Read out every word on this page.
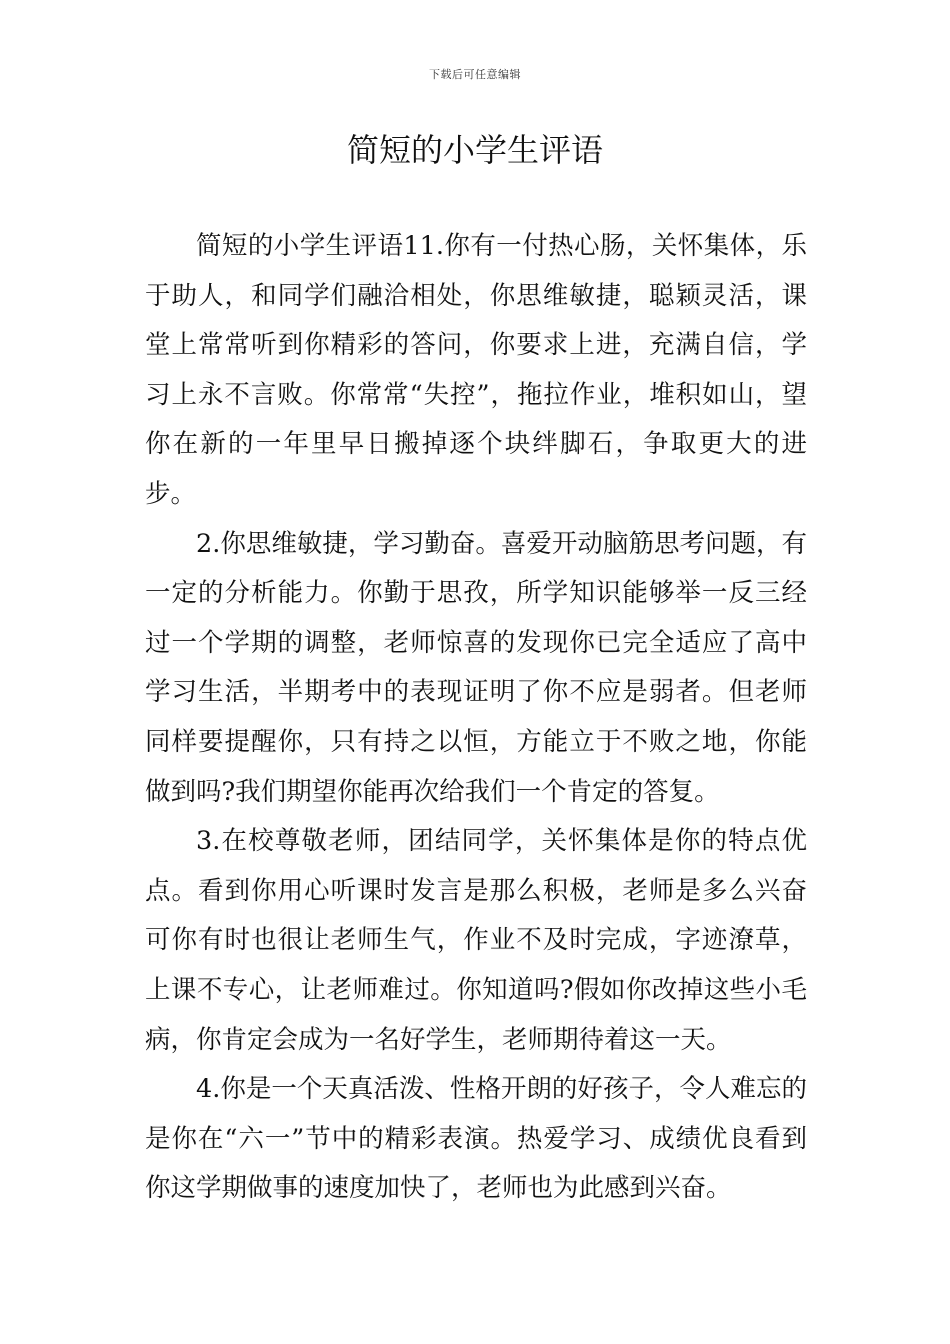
下载后可任意编辑
简短的小学生评语

简短的小学生评语11.你有一付热心肠，关怀集体，乐于助人，和同学们融洽相处，你思维敏捷，聪颖灵活，课堂上常常听到你精彩的答问，你要求上进，充满自信，学习上永不言败。你常常“失控”，拖拉作业，堆积如山，望你在新的一年里早日搬掉逐个块绊脚石，争取更大的进步。

2.你思维敏捷，学习勤奋。喜爱开动脑筋思考问题，有一定的分析能力。你勤于思孜，所学知识能够举一反三经过一个学期的调整，老师惊喜的发现你已完全适应了高中学习生活，半期考中的表现证明了你不应是弱者。但老师同样要提醒你，只有持之以恒，方能立于不败之地，你能做到吗?我们期望你能再次给我们一个肯定的答复。

3.在校尊敬老师，团结同学，关怀集体是你的特点优点。看到你用心听课时发言是那么积极，老师是多么兴奋可你有时也很让老师生气，作业不及时完成，字迹潦草，上课不专心，让老师难过。你知道吗?假如你改掉这些小毛病，你肯定会成为一名好学生，老师期待着这一天。

4.你是一个天真活泼、性格开朗的好孩子，令人难忘的是你在“六一”节中的精彩表演。热爱学习、成绩优良看到你这学期做事的速度加快了，老师也为此感到兴奋。
